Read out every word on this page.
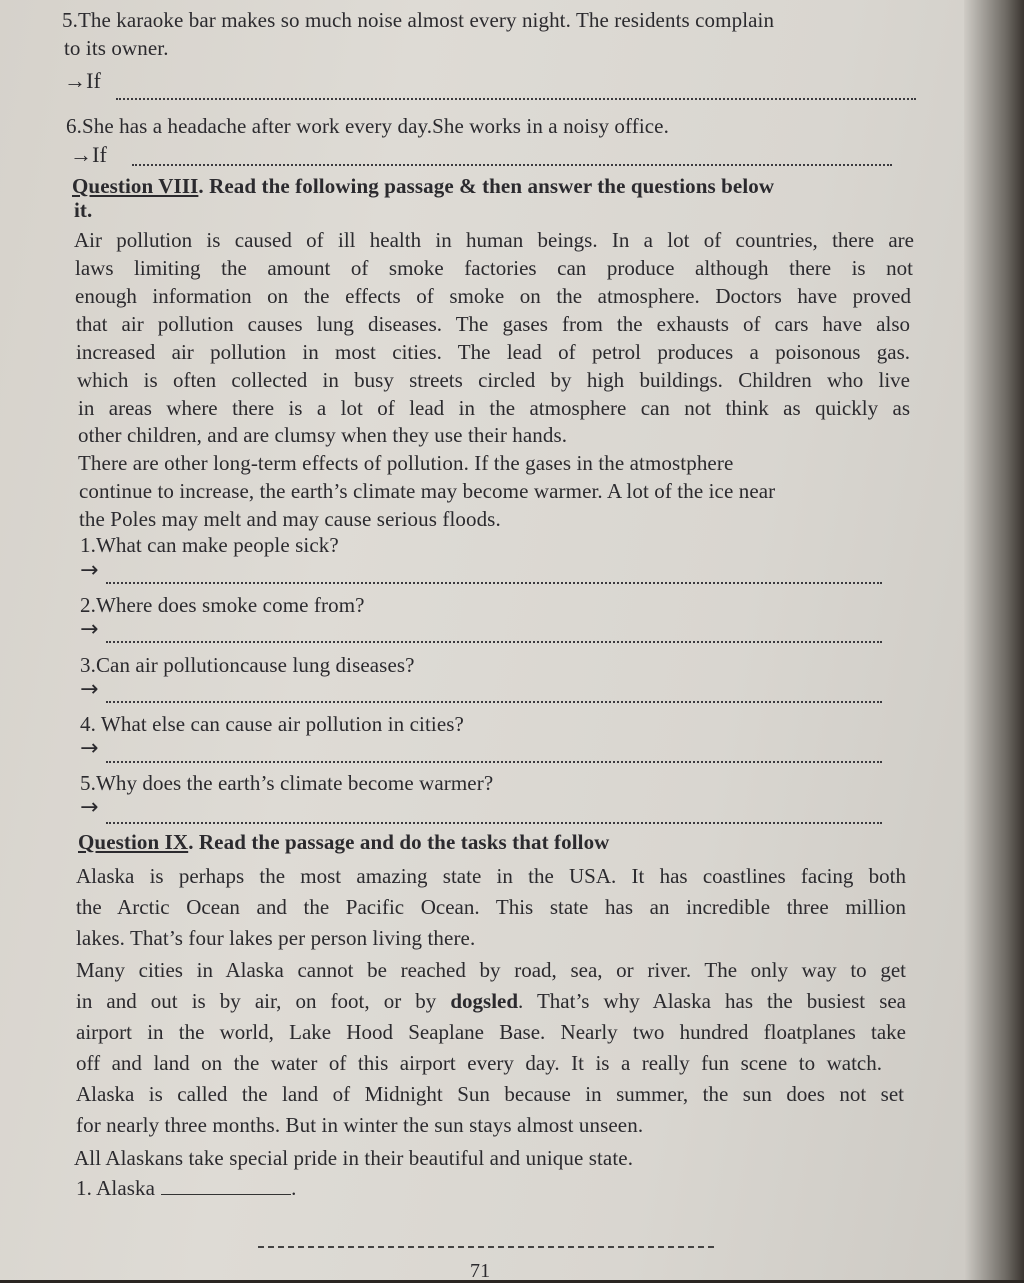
5.The karaoke bar makes so much noise almost every night. The residents complain
to its owner.
→If
6.She has a headache after work every day.She works in a noisy office.
→If
Question VIII. Read the following passage & then answer the questions below
it.
Air pollution is caused of ill health in human beings. In a lot of countries, there are
laws limiting the amount of smoke factories can produce although there is not
enough information on the effects of smoke on the atmosphere. Doctors have proved
that air pollution causes lung diseases. The gases from the exhausts of cars have also
increased air pollution in most cities. The lead of petrol produces a poisonous gas.
which is often collected in busy streets circled by high buildings. Children who live
in areas where there is a lot of lead in the atmosphere can not think as quickly as
other children, and are clumsy when they use their hands.
There are other long-term effects of pollution. If the gases in the atmostphere
continue to increase, the earth’s climate may become warmer. A lot of the ice near
the Poles may melt and may cause serious floods.
1.What can make people sick?
→
2.Where does smoke come from?
→
3.Can air pollutioncause lung diseases?
→
4. What else can cause air pollution in cities?
→
5.Why does the earth’s climate become warmer?
→
Question IX. Read the passage and do the tasks that follow
Alaska is perhaps the most amazing state in the USA. It has coastlines facing both
the Arctic Ocean and the Pacific Ocean. This state has an incredible three million
lakes. That’s four lakes per person living there.
Many cities in Alaska cannot be reached by road, sea, or river. The only way to get
in and out is by air, on foot, or by dogsled. That’s why Alaska has the busiest sea
airport in the world, Lake Hood Seaplane Base. Nearly two hundred floatplanes take
off and land on the water of this airport every day. It is a really fun scene to watch.
Alaska is called the land of Midnight Sun because in summer, the sun does not set
for nearly three months. But in winter the sun stays almost unseen.
All Alaskans take special pride in their beautiful and unique state.
1. Alaska	.
71
